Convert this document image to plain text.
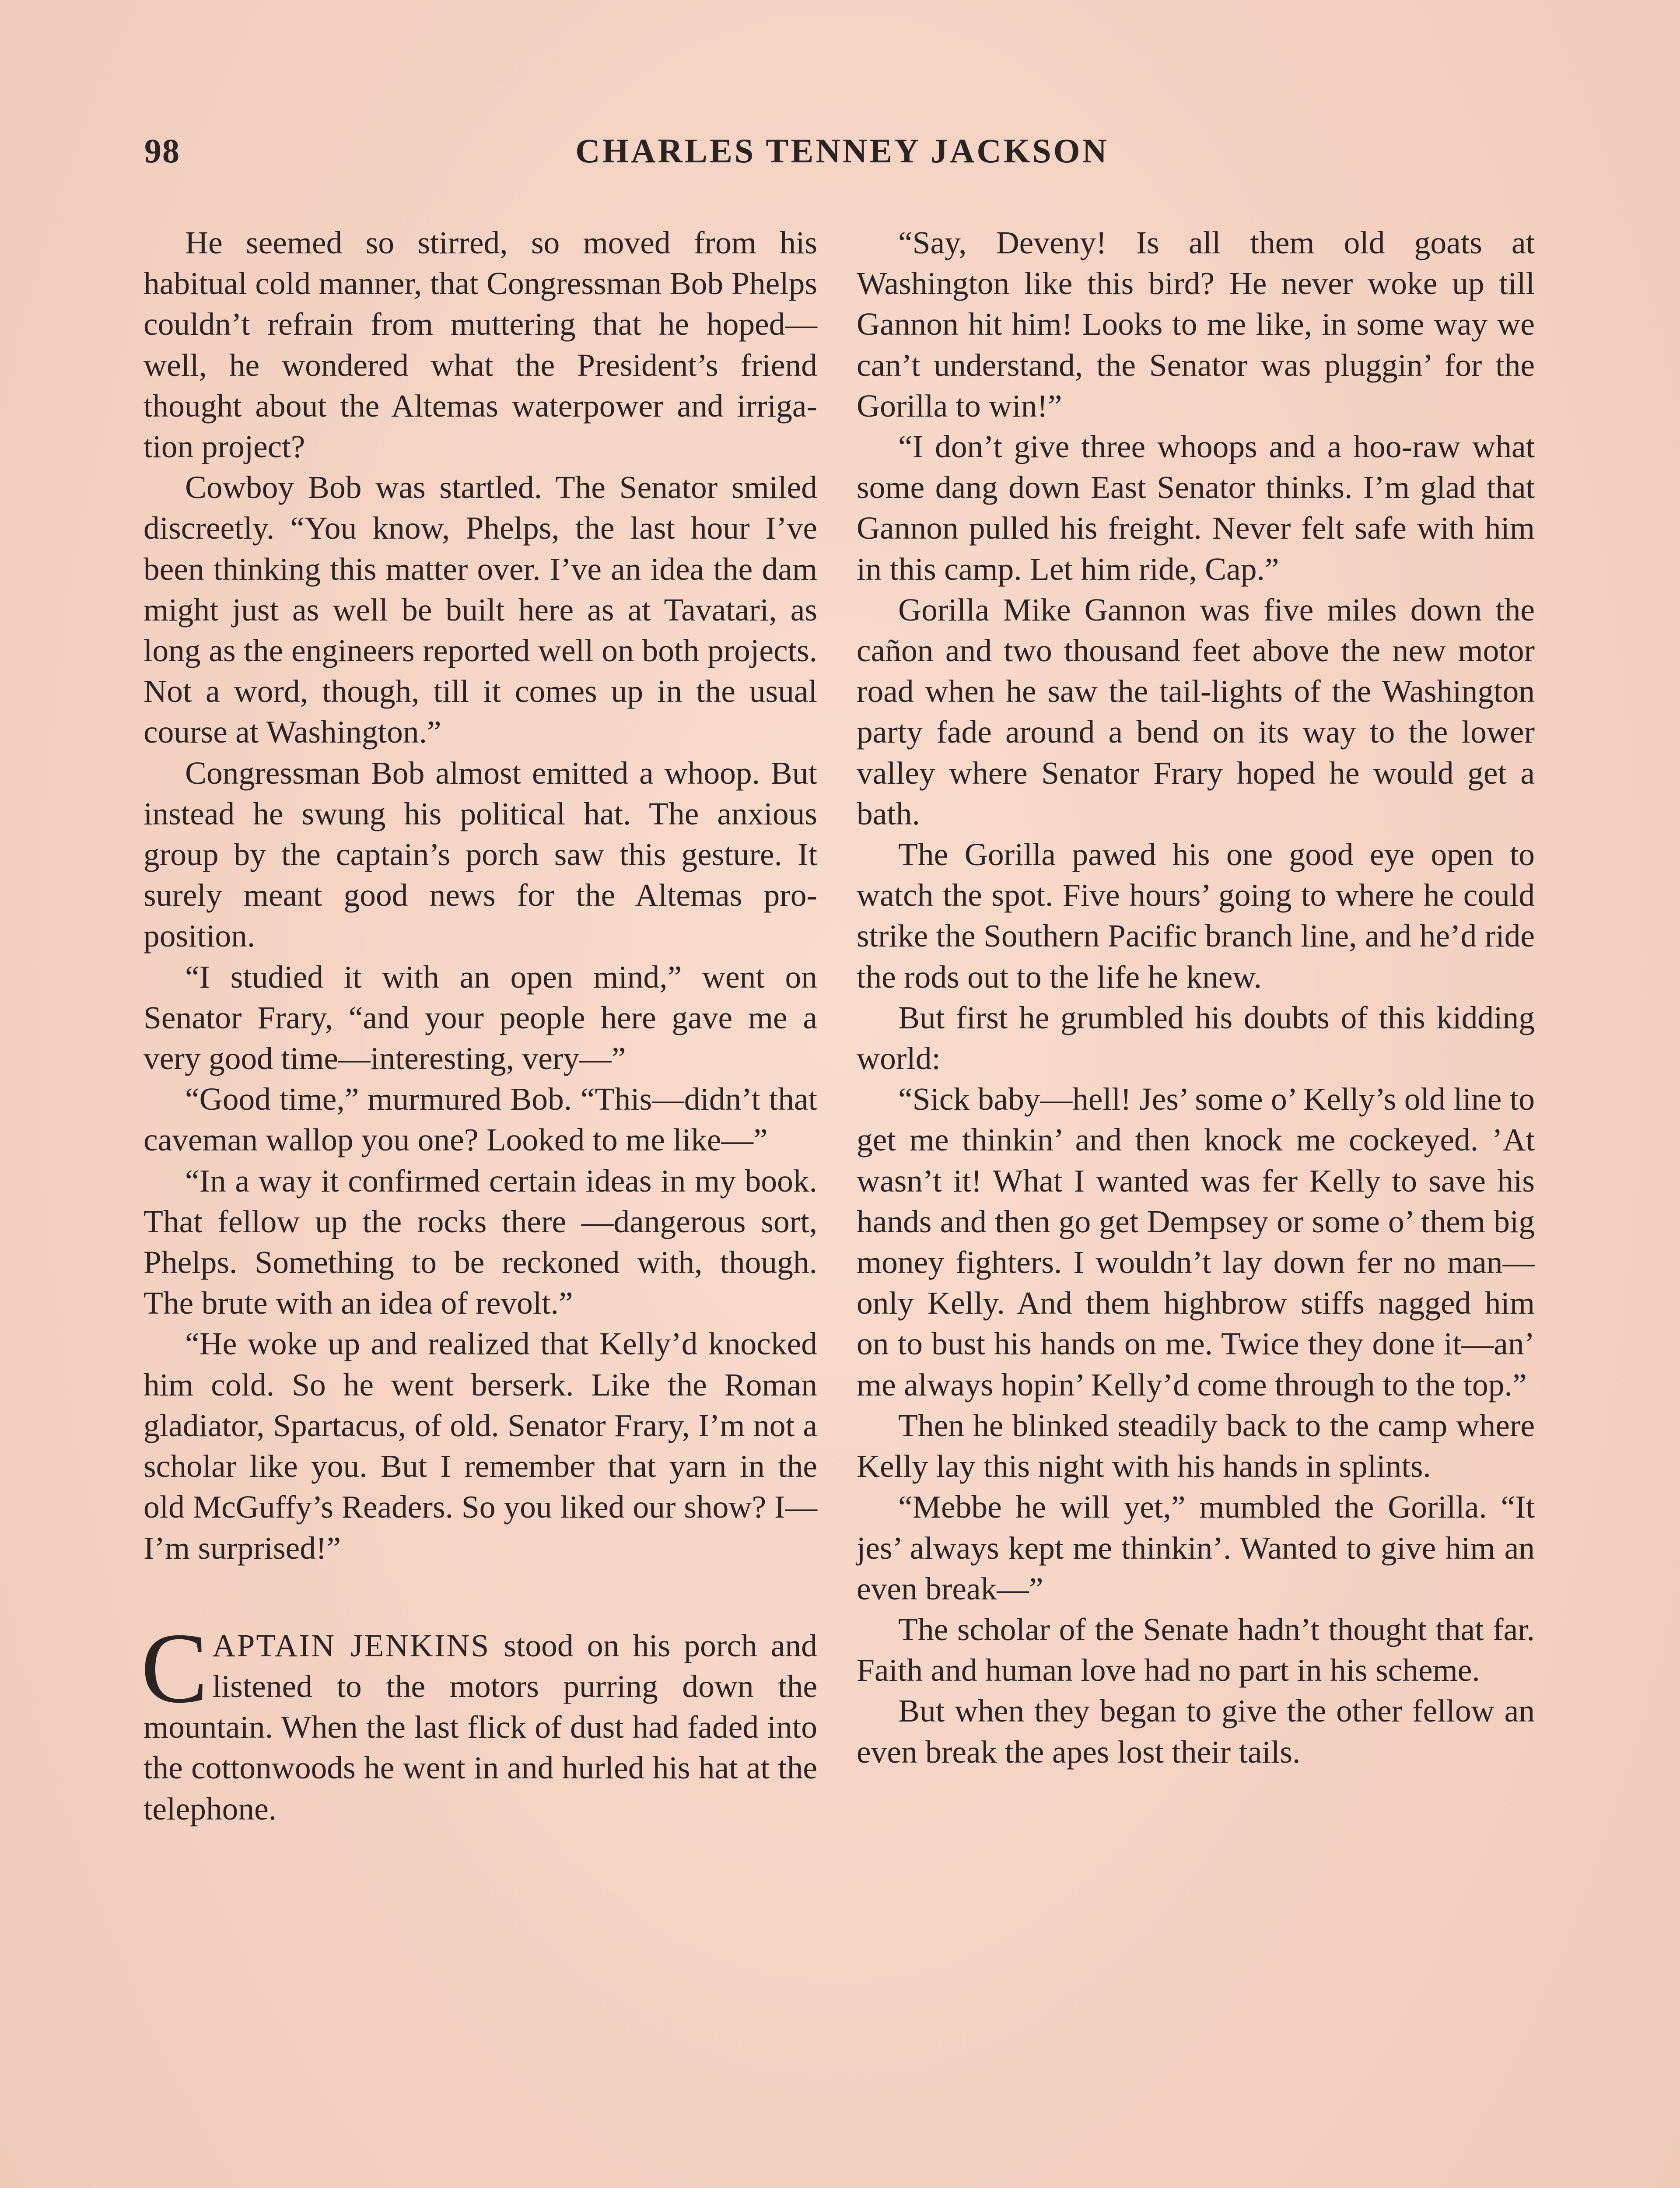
98	CHARLES TENNEY JACKSON

He seemed so stirred, so moved from his habitual cold manner, that Congressman Bob Phelps couldn’t refrain from muttering that he hoped—well, he wondered what the President’s friend thought about the Altemas waterpower and irrigation project?

Cowboy Bob was startled. The Senator smiled discreetly. “You know, Phelps, the last hour I’ve been thinking this matter over. I’ve an idea the dam might just as well be built here as at Tavatari, as long as the engineers reported well on both projects. Not a word, though, till it comes up in the usual course at Washington.”

Congressman Bob almost emitted a whoop. But instead he swung his political hat. The anxious group by the captain’s porch saw this gesture. It surely meant good news for the Altemas proposition.

“I studied it with an open mind,” went on Senator Frary, “and your people here gave me a very good time—interesting, very—”

“Good time,” murmured Bob. “This—didn’t that caveman wallop you one? Looked to me like—”

“In a way it confirmed certain ideas in my book. That fellow up the rocks there —dangerous sort, Phelps. Something to be reckoned with, though. The brute with an idea of revolt.”

“He woke up and realized that Kelly’d knocked him cold. So he went berserk. Like the Roman gladiator, Spartacus, of old. Senator Frary, I’m not a scholar like you. But I remember that yarn in the old McGuffy’s Readers. So you liked our show? I—I’m surprised!”

CAPTAIN JENKINS stood on his porch and listened to the motors purring down the mountain. When the last flick of dust had faded into the cottonwoods he went in and hurled his hat at the telephone.

“Say, Deveny! Is all them old goats at Washington like this bird? He never woke up till Gannon hit him! Looks to me like, in some way we can’t understand, the Senator was pluggin’ for the Gorilla to win!”

“I don’t give three whoops and a hoo-raw what some dang down East Senator thinks. I’m glad that Gannon pulled his freight. Never felt safe with him in this camp. Let him ride, Cap.”

Gorilla Mike Gannon was five miles down the cañon and two thousand feet above the new motor road when he saw the tail-lights of the Washington party fade around a bend on its way to the lower valley where Senator Frary hoped he would get a bath.

The Gorilla pawed his one good eye open to watch the spot. Five hours’ going to where he could strike the Southern Pacific branch line, and he’d ride the rods out to the life he knew.

But first he grumbled his doubts of this kidding world:

“Sick baby—hell! Jes’ some o’ Kelly’s old line to get me thinkin’ and then knock me cockeyed. ’At wasn’t it! What I wanted was fer Kelly to save his hands and then go get Dempsey or some o’ them big money fighters. I wouldn’t lay down fer no man—only Kelly. And them highbrow stiffs nagged him on to bust his hands on me. Twice they done it—an’ me always hopin’ Kelly’d come through to the top.”

Then he blinked steadily back to the camp where Kelly lay this night with his hands in splints.

“Mebbe he will yet,” mumbled the Gorilla. “It jes’ always kept me thinkin’. Wanted to give him an even break—”

The scholar of the Senate hadn’t thought that far. Faith and human love had no part in his scheme.

But when they began to give the other fellow an even break the apes lost their tails.
